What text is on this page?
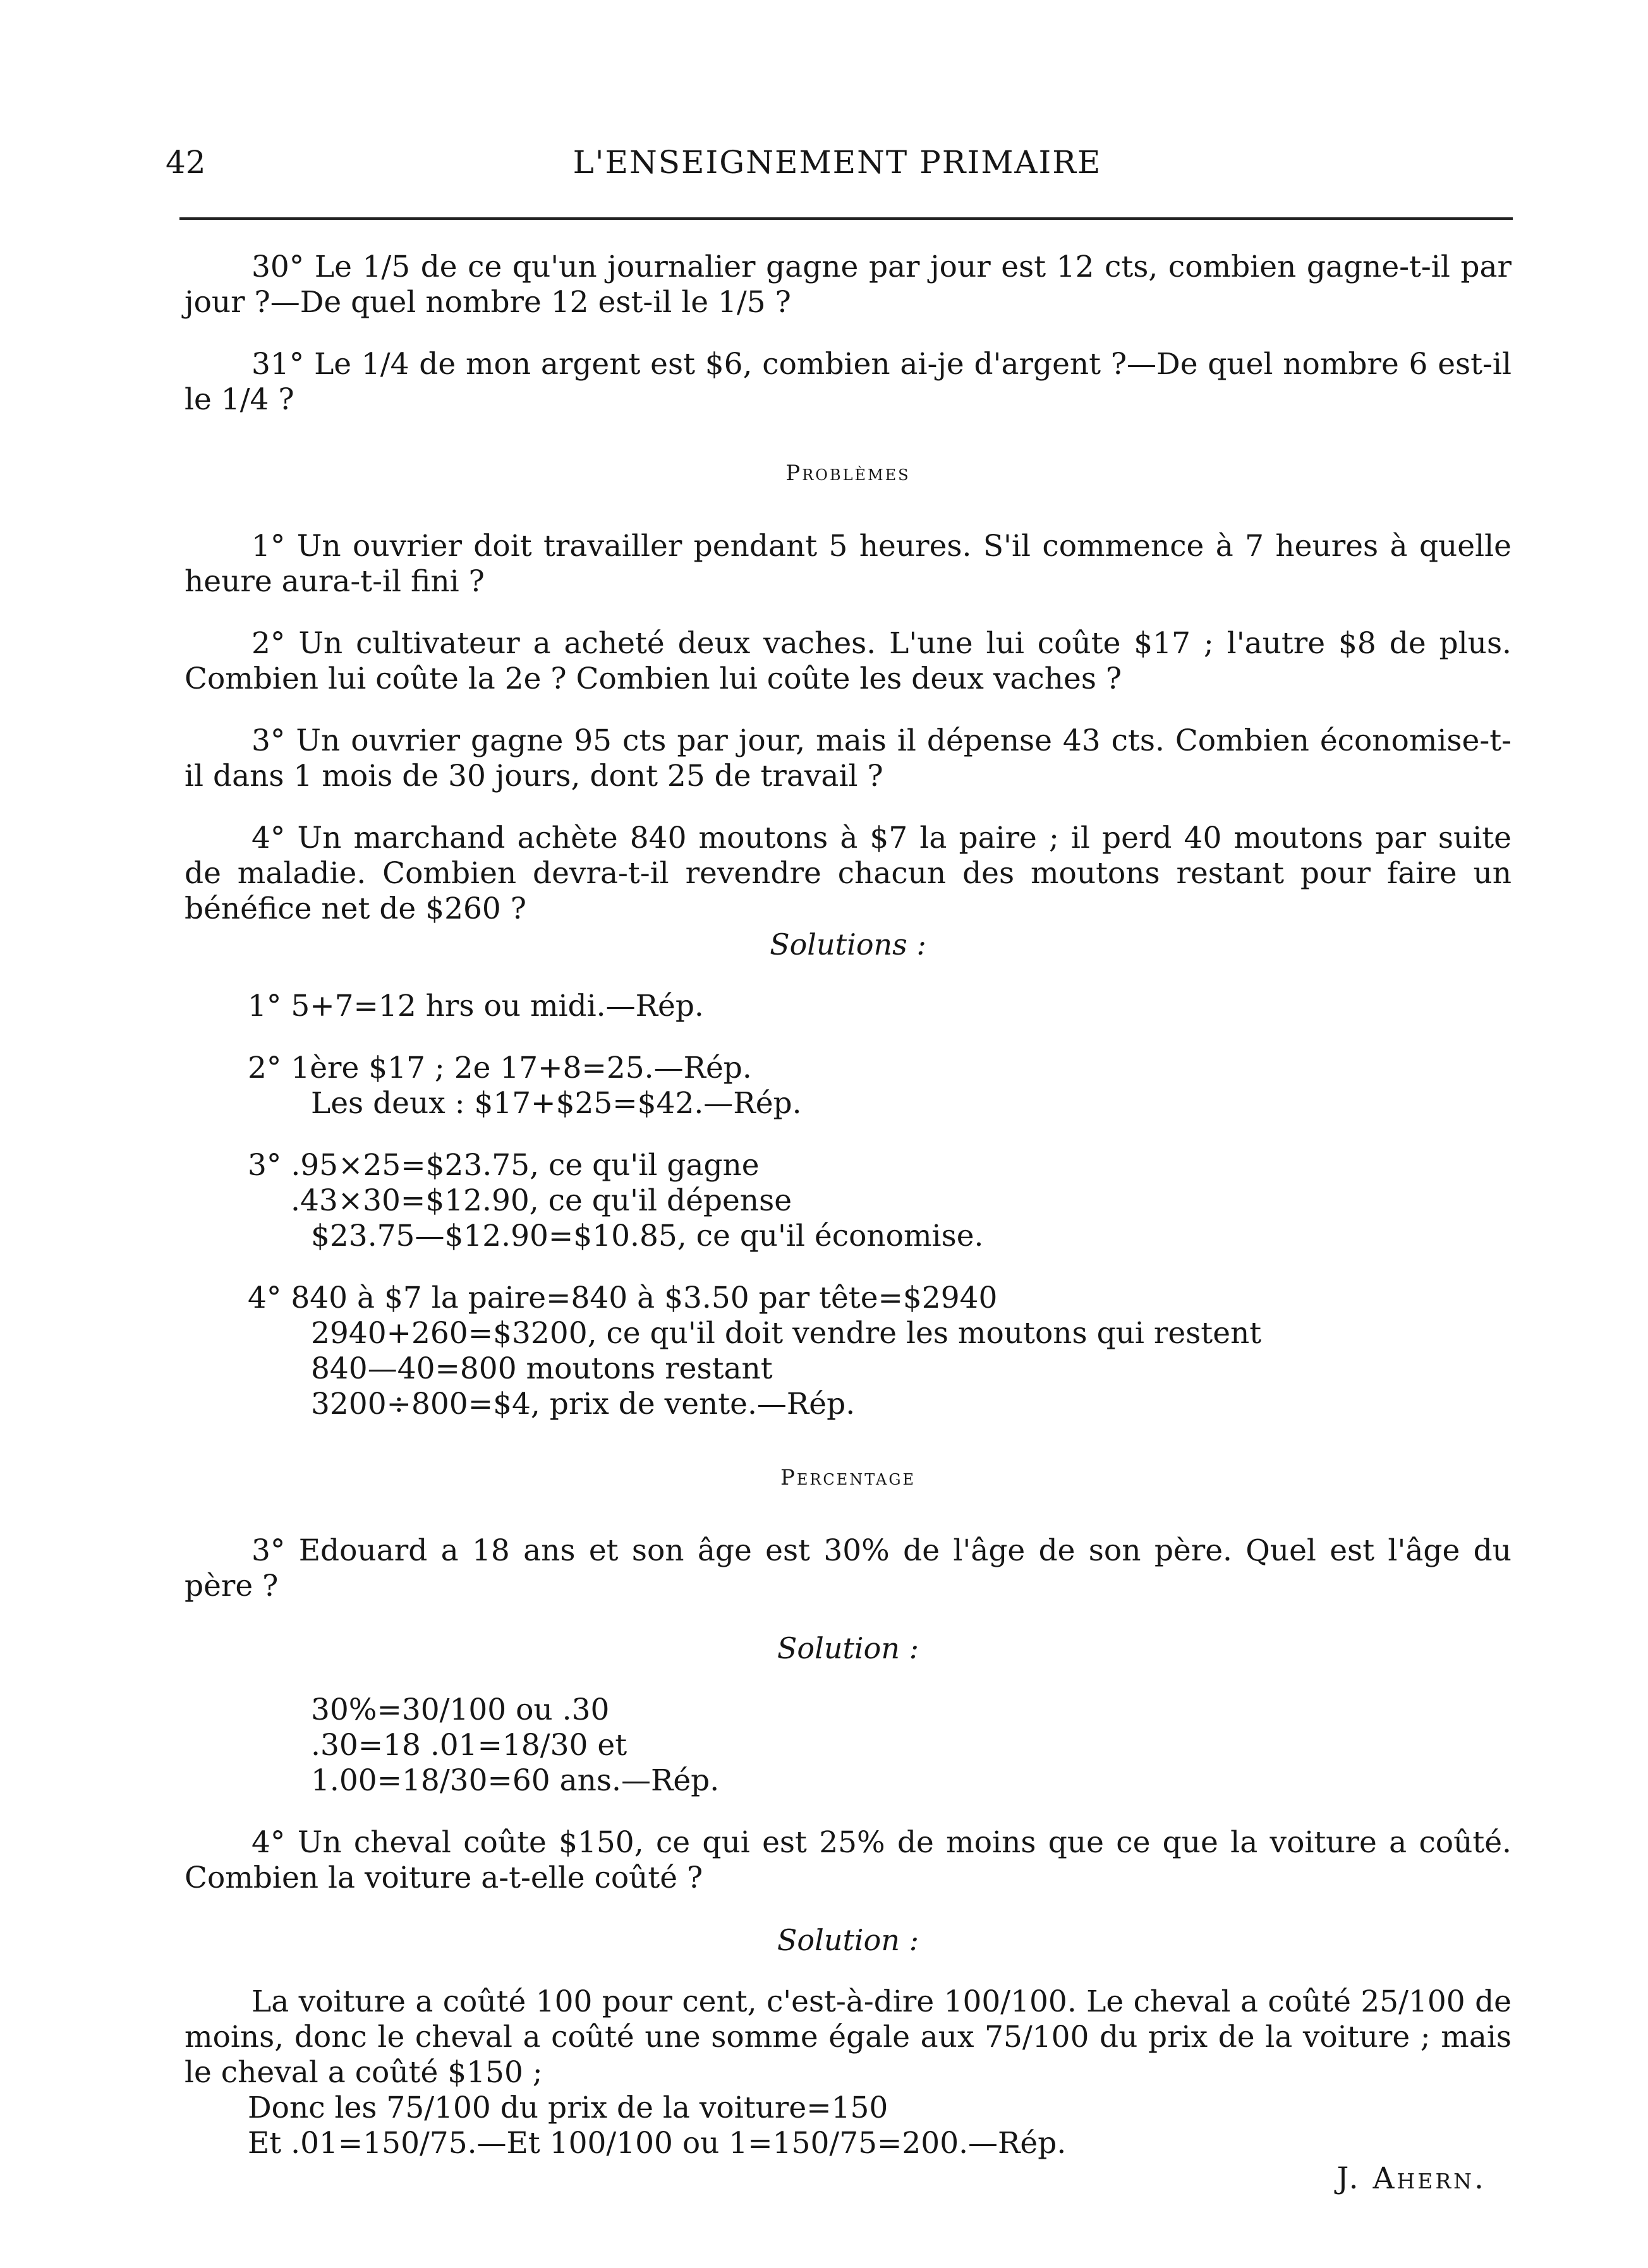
42	L'ENSEIGNEMENT PRIMAIRE

30° Le 1/5 de ce qu'un journalier gagne par jour est 12 cts, combien gagne-t-il par jour ?—De quel nombre 12 est-il le 1/5 ?

31° Le 1/4 de mon argent est $6, combien ai-je d'argent ?—De quel nombre 6 est-il le 1/4 ?

Problèmes

1° Un ouvrier doit travailler pendant 5 heures. S'il commence à 7 heures à quelle heure aura-t-il fini ?

2° Un cultivateur a acheté deux vaches. L'une lui coûte $17 ; l'autre $8 de plus. Combien lui coûte la 2e ? Combien lui coûte les deux vaches ?

3° Un ouvrier gagne 95 cts par jour, mais il dépense 43 cts. Combien économise-t-il dans 1 mois de 30 jours, dont 25 de travail ?

4° Un marchand achète 840 moutons à $7 la paire ; il perd 40 moutons par suite de maladie. Combien devra-t-il revendre chacun des moutons restant pour faire un bénéfice net de $260 ?

Solutions :

1° 5+7=12 hrs ou midi.—Rép.

2° 1ère $17 ; 2e 17+8=25.—Rép.

Les deux : $17+$25=$42.—Rép.

3° .95×25=$23.75, ce qu'il gagne

.43×30=$12.90, ce qu'il dépense

$23.75—$12.90=$10.85, ce qu'il économise.

4° 840 à $7 la paire=840 à $3.50 par tête=$2940

2940+260=$3200, ce qu'il doit vendre les moutons qui restent

840—40=800 moutons restant

3200÷800=$4, prix de vente.—Rép.

Percentage

3° Edouard a 18 ans et son âge est 30% de l'âge de son père. Quel est l'âge du père ?

Solution :

30%=30/100 ou .30

.30=18 .01=18/30 et

1.00=18/30=60 ans.—Rép.

4° Un cheval coûte $150, ce qui est 25% de moins que ce que la voiture a coûté. Combien la voiture a-t-elle coûté ?

Solution :

La voiture a coûté 100 pour cent, c'est-à-dire 100/100. Le cheval a coûté 25/100 de moins, donc le cheval a coûté une somme égale aux 75/100 du prix de la voiture ; mais le cheval a coûté $150 ;

Donc les 75/100 du prix de la voiture=150

Et .01=150/75.—Et 100/100 ou 1=150/75=200.—Rép.

J. Ahern.
